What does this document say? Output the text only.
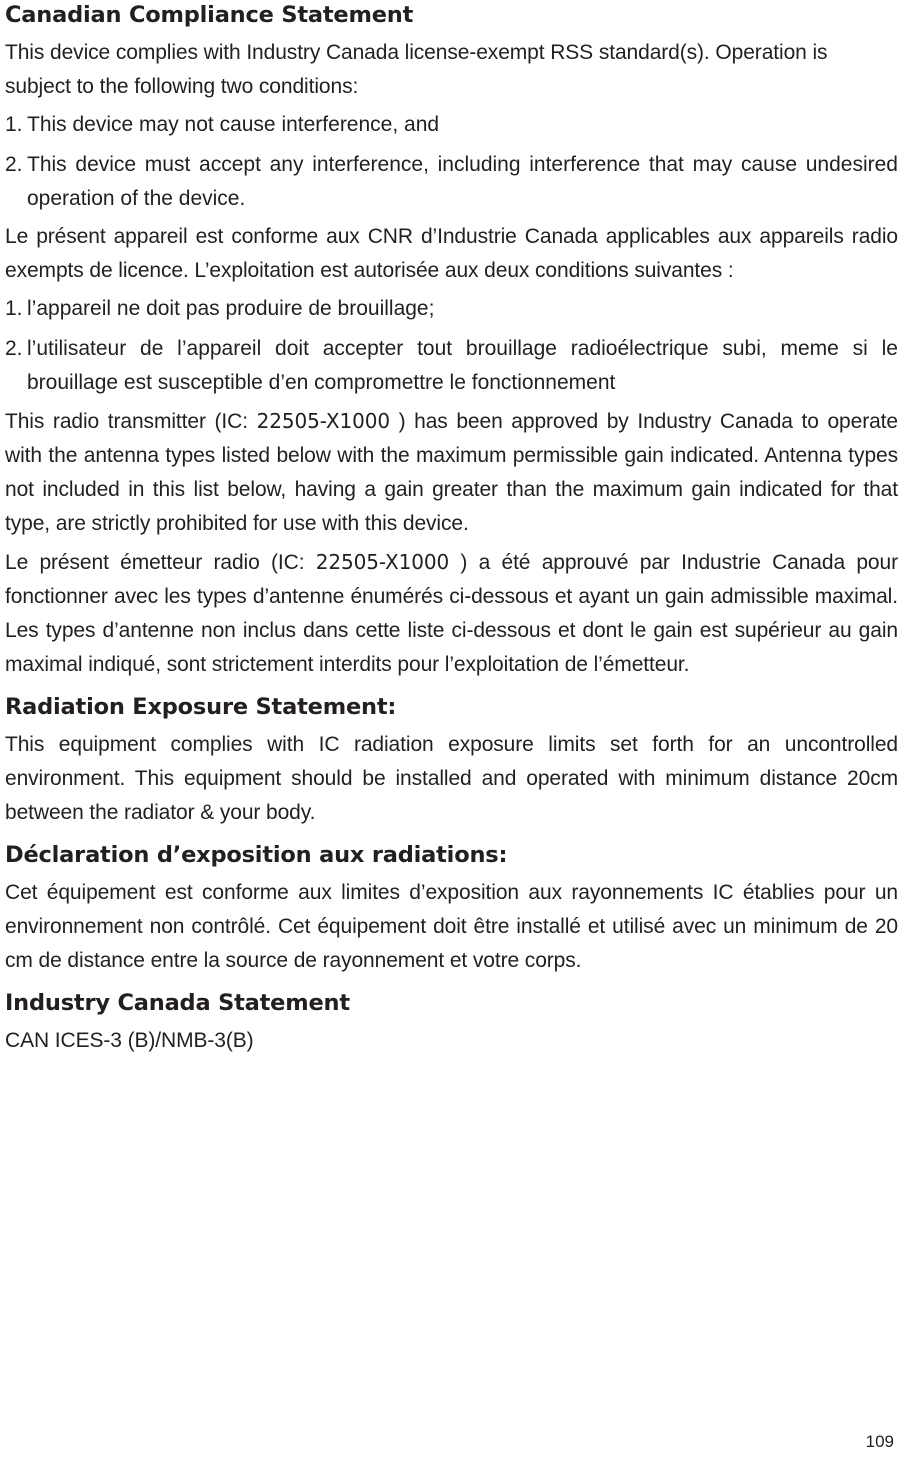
Canadian Compliance Statement

This device complies with Industry Canada license-exempt RSS standard(s). Operation is subject to the following two conditions:

1. This device may not cause interference, and
2. This device must accept any interference, including interference that may cause undesired operation of the device.

Le présent appareil est conforme aux CNR d’Industrie Canada applicables aux appareils radio exempts de licence. L’exploitation est autorisée aux deux conditions suivantes :

1. l’appareil ne doit pas produire de brouillage;
2. l’utilisateur de l’appareil doit accepter tout brouillage radioélectrique subi, meme si le brouillage est susceptible d’en compromettre le fonctionnement

This radio transmitter (IC: 22505-X1000 ) has been approved by Industry Canada to operate with the antenna types listed below with the maximum permissible gain indicated. Antenna types not included in this list below, having a gain greater than the maximum gain indicated for that type, are strictly prohibited for use with this device.

Le présent émetteur radio (IC: 22505-X1000 ) a été approuvé par Industrie Canada pour fonctionner avec les types d’antenne énumérés ci-dessous et ayant un gain admissible maximal. Les types d’antenne non inclus dans cette liste ci-dessous et dont le gain est supérieur au gain maximal indiqué, sont strictement interdits pour l’exploitation de l’émetteur.

Radiation Exposure Statement:

This equipment complies with IC radiation exposure limits set forth for an uncontrolled environment. This equipment should be installed and operated with minimum distance 20cm between the radiator & your body.

Déclaration d’exposition aux radiations:

Cet équipement est conforme aux limites d’exposition aux rayonnements IC établies pour un environnement non contrôlé. Cet équipement doit être installé et utilisé avec un minimum de 20 cm de distance entre la source de rayonnement et votre corps.

Industry Canada Statement

CAN ICES-3 (B)/NMB-3(B)

109
